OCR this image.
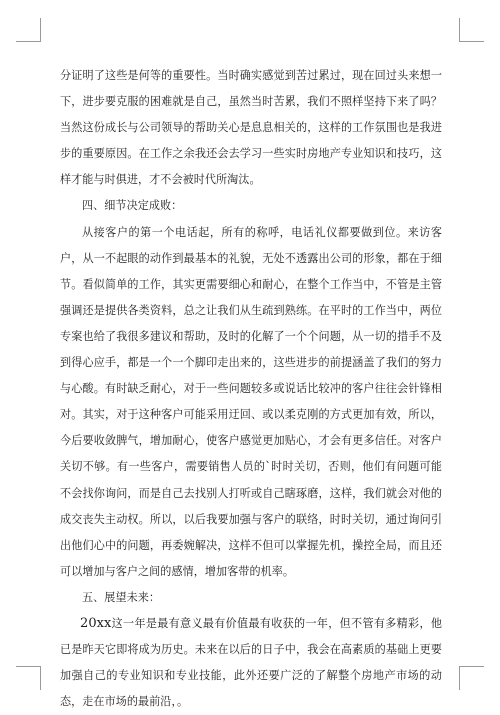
分证明了这些是何等的重要性。当时确实感觉到苦过累过，现在回过头来想一下，进步要克服的困难就是自己，虽然当时苦累，我们不照样坚持下来了吗？当然这份成长与公司领导的帮助关心是息息相关的，这样的工作氛围也是我进步的重要原因。在工作之余我还会去学习一些实时房地产专业知识和技巧，这样才能与时俱进，才不会被时代所淘汰。

四、细节决定成败：

从接客户的第一个电话起，所有的称呼，电话礼仪都要做到位。来访客户，从一不起眼的动作到最基本的礼貌，无处不透露出公司的形象，都在于细节。看似简单的工作，其实更需要细心和耐心，在整个工作当中，不管是主管强调还是提供各类资料，总之让我们从生疏到熟练。在平时的工作当中，两位专案也给了我很多建议和帮助，及时的化解了一个个问题，从一切的措手不及到得心应手，都是一个一个脚印走出来的，这些进步的前提涵盖了我们的努力与心酸。有时缺乏耐心，对于一些问题较多或说话比较冲的客户往往会针锋相对。其实，对于这种客户可能采用迂回、或以柔克刚的方式更加有效，所以，今后要收敛脾气，增加耐心，使客户感觉更加贴心，才会有更多信任。对客户关切不够。有一些客户，需要销售人员的`时时关切，否则，他们有问题可能不会找你询问，而是自己去找别人打听或自己瞎琢磨，这样，我们就会对他的成交丧失主动权。所以，以后我要加强与客户的联络，时时关切，通过询问引出他们心中的问题，再委婉解决，这样不但可以掌握先机，操控全局，而且还可以增加与客户之间的感情，增加客带的机率。

五、展望未来：

20xx这一年是最有意义最有价值最有收获的一年，但不管有多精彩，他已是昨天它即将成为历史。未来在以后的日子中，我会在高素质的基础上更要加强自己的专业知识和专业技能，此外还要广泛的了解整个房地产市场的动态，走在市场的最前沿，。
